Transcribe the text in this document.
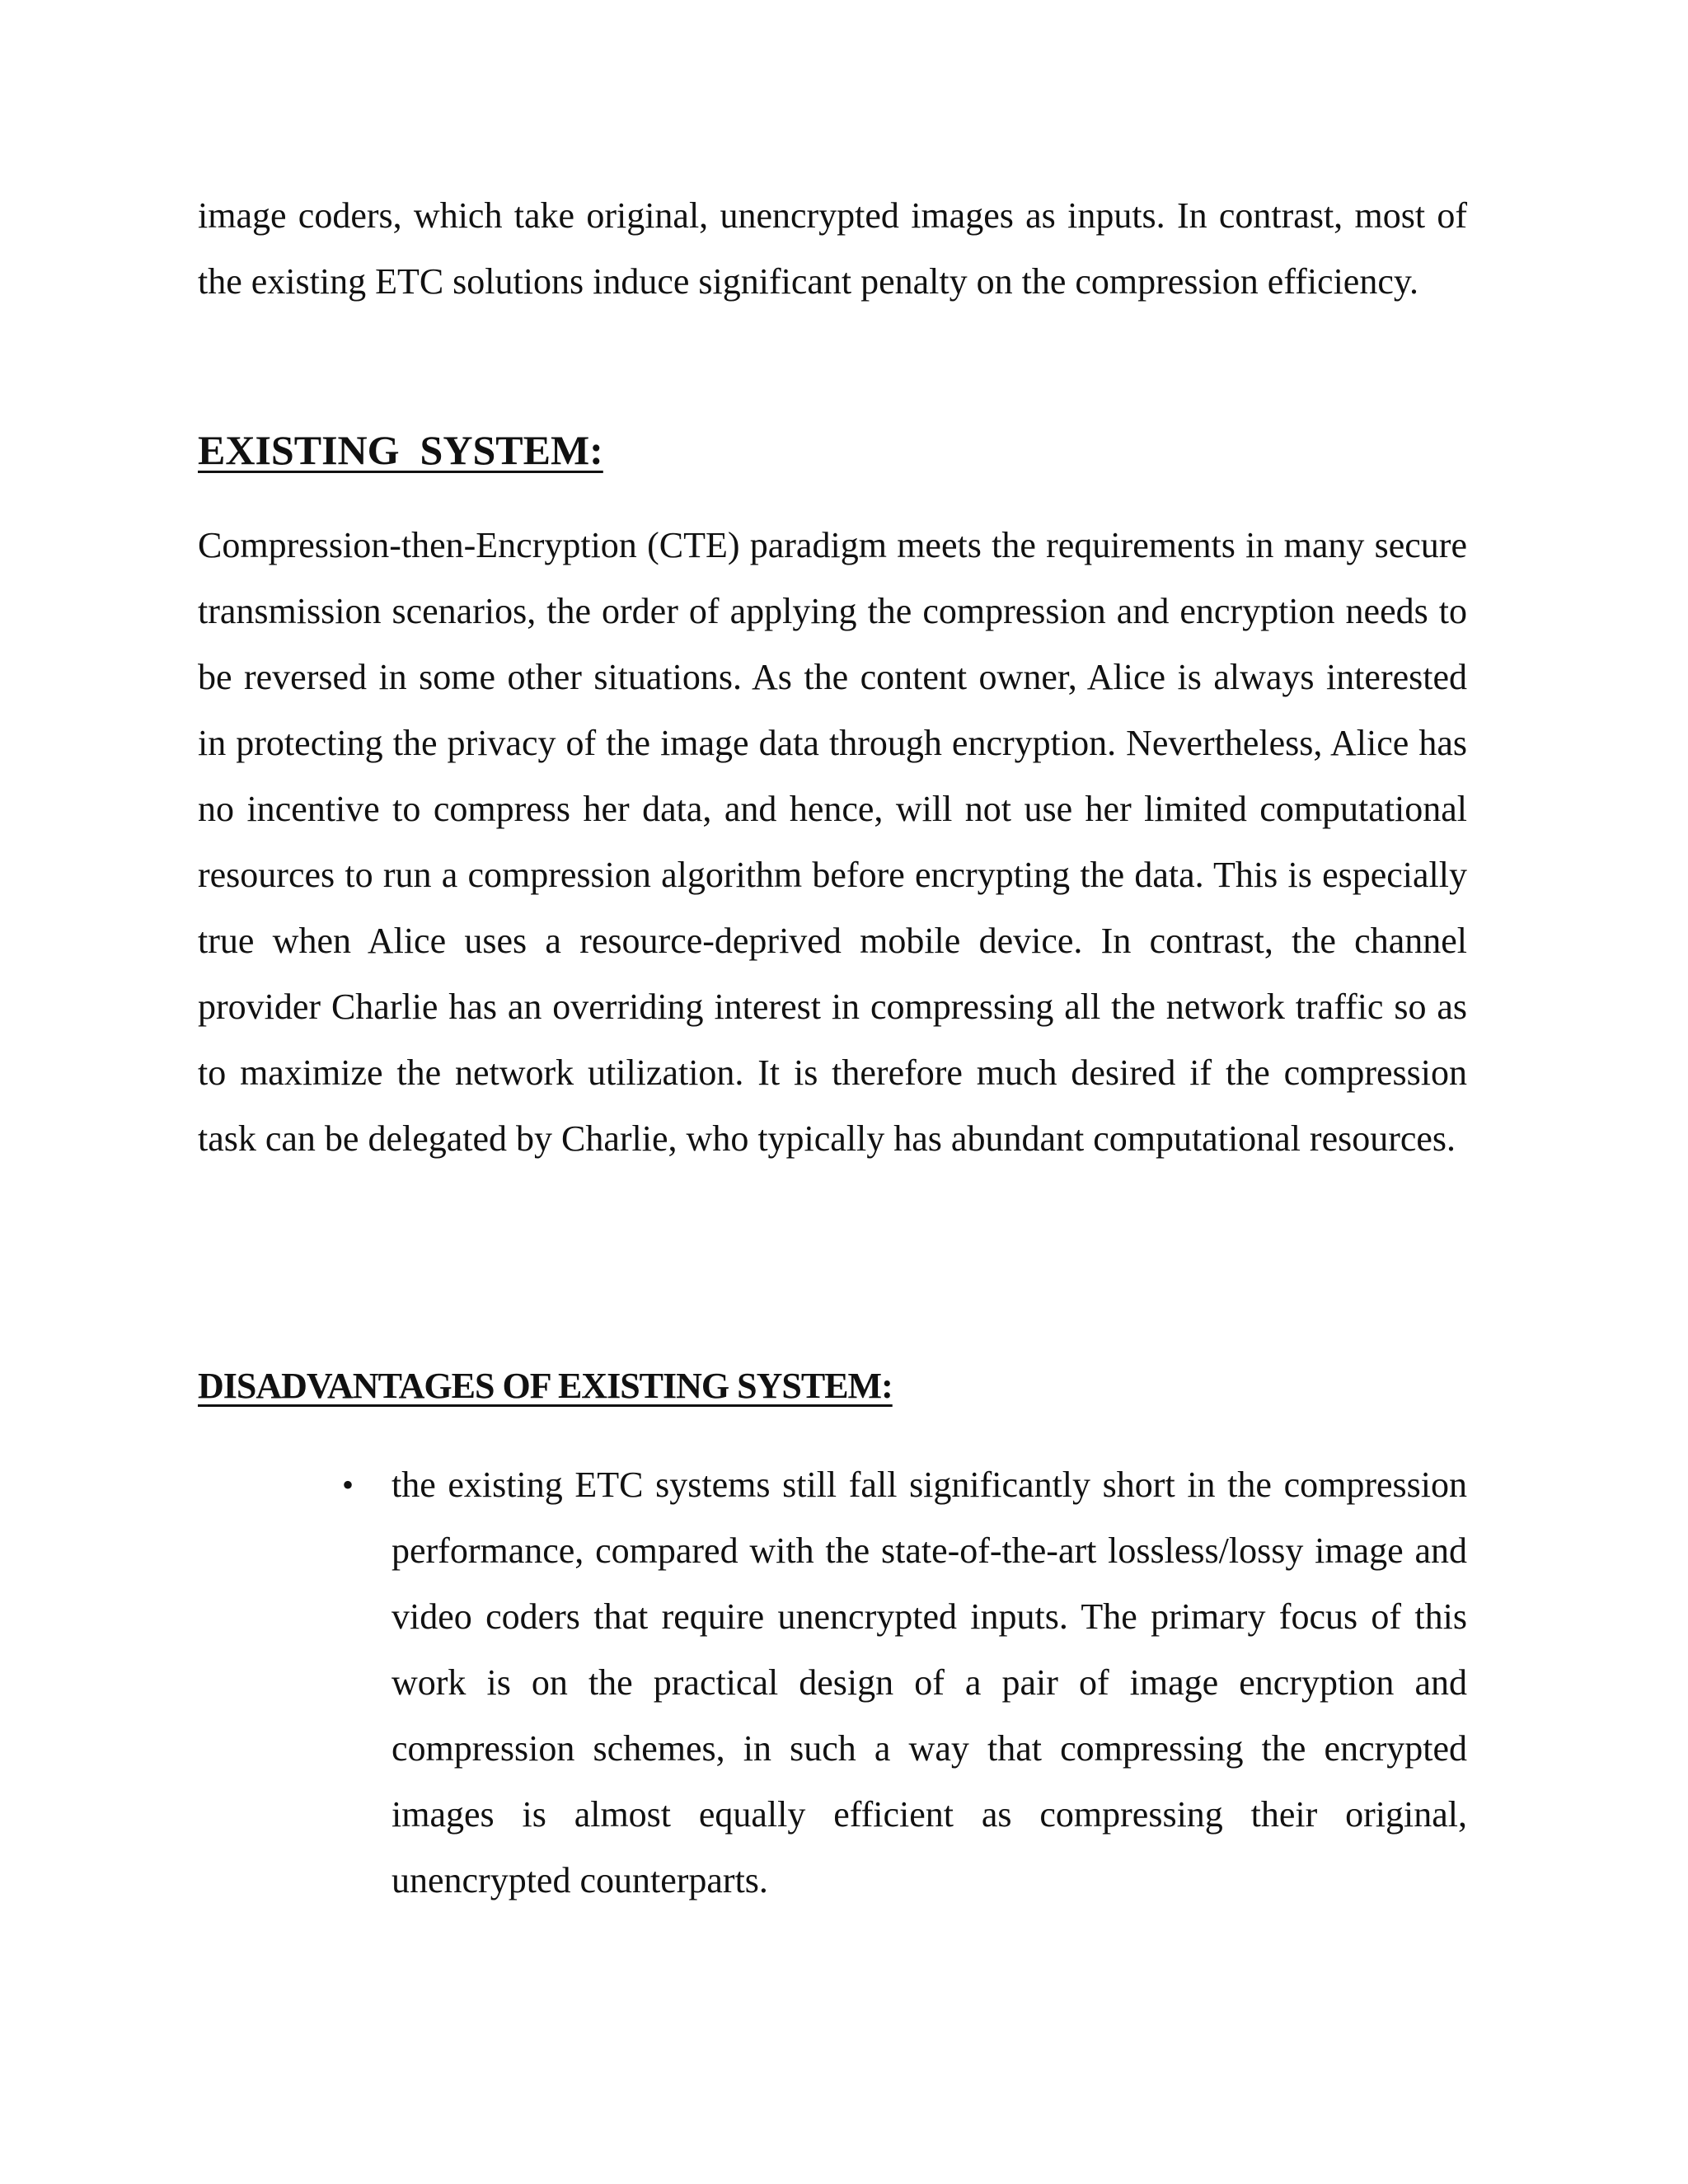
image coders, which take original, unencrypted images as inputs. In contrast, most of the existing ETC solutions induce significant penalty on the compression efficiency.

EXISTING  SYSTEM:

Compression-then-Encryption (CTE) paradigm meets the requirements in many secure transmission scenarios, the order of applying the compression and encryption needs to be reversed in some other situations. As the content owner, Alice is always interested in protecting the privacy of the image data through encryption. Nevertheless, Alice has no incentive to compress her data, and hence, will not use her limited computational resources to run a compression algorithm before encrypting the data. This is especially true when Alice uses a resource-deprived mobile device. In contrast, the channel provider Charlie has an overriding interest in compressing all the network traffic so as to maximize the network utilization. It is therefore much desired if the compression task can be delegated by Charlie, who typically has abundant computational resources.

DISADVANTAGES OF EXISTING SYSTEM:
• the existing ETC systems still fall significantly short in the compression performance, compared with the state-of-the-art lossless/lossy image and video coders that require unencrypted inputs. The primary focus of this work is on the practical design of a pair of image encryption and compression schemes, in such a way that compressing the encrypted images is almost equally efficient as compressing their original, unencrypted counterparts.
